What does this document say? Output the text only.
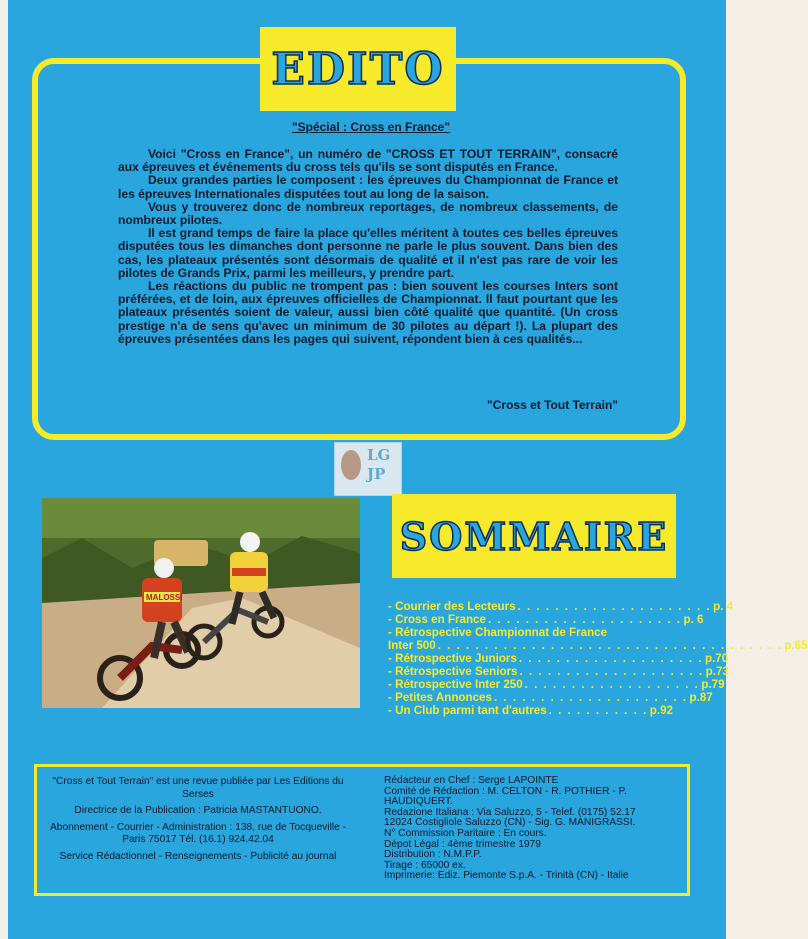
EDITO
"Spécial : Cross en France"

Voici "Cross en France", un numéro de "CROSS ET TOUT TERRAIN", consacré aux épreuves et événements du cross tels qu'ils se sont disputés en France.

Deux grandes parties le composent : les épreuves du Championnat de France et les épreuves Internationales disputées tout au long de la saison.

Vous y trouverez donc de nombreux reportages, de nombreux classements, de nombreux pilotes.

Il est grand temps de faire la place qu'elles méritent à toutes ces belles épreuves disputées tous les dimanches dont personne ne parle le plus souvent. Dans bien des cas, les plateaux présentés sont désormais de qualité et il n'est pas rare de voir les pilotes de Grands Prix, parmi les meilleurs, y prendre part.

Les réactions du public ne trompent pas : bien souvent les courses Inters sont préférées, et de loin, aux épreuves officielles de Championnat. Il faut pourtant que les plateaux présentés soient de valeur, aussi bien côté qualité que quantité. (Un cross prestige n'a de sens qu'avec un minimum de 30 pilotes au départ !). La plupart des épreuves présentées dans les pages qui suivent, répondent bien à ces qualités...

"Cross et Tout Terrain"
LG
JP
MALOSSI
SOMMAIRE
- Courrier des Lecteurs . . . . . . . . . . . . . . . . . . . . . p. 4
- Cross en France . . . . . . . . . . . . . . . . . . . . . p. 6
- Rétrospective Championnat de France
Inter 500 . . . . . . . . . . . . . . . . . . . . . . . . . . . . . . . . . . . . . p.65
- Rétrospective Juniors . . . . . . . . . . . . . . . . . . . . p.70
- Rétrospective Seniors . . . . . . . . . . . . . . . . . . . . p.73
- Rétrospective Inter 250 . . . . . . . . . . . . . . . . . . . p.79
- Petites Annonces . . . . . . . . . . . . . . . . . . . . . p.87
- Un Club parmi tant d'autres . . . . . . . . . . . p.92

"Cross et Tout Terrain" est une revue publiée par Les Editions du Serses

Directrice de la Publication : Patricia MASTANTUONO.

Abonnement - Courrier - Administration : 138, rue de Tocqueville - Paris 75017 Tél. (16.1) 924.42.04

Service Rédactionnel - Renseignements - Publicité au journal

Rédacteur en Chef : Serge LAPOINTE
Comité de Rédaction : M. CELTON - R. POTHIER - P. HAUDIQUERT.
Redazione Italiana : Via Saluzzo, 5 - Telef. (0175) 52.17
12024 Costigliole Saluzzo (CN) - Sig. G. MANIGRASSI.
N° Commission Paritaire : En cours.
Dépot Légal : 4ème trimestre 1979
Distribution : N.M.P.P.
Tirage : 65000 ex.
Imprimerie: Ediz. Piemonte S.p.A. - Trinità (CN) - Italie
